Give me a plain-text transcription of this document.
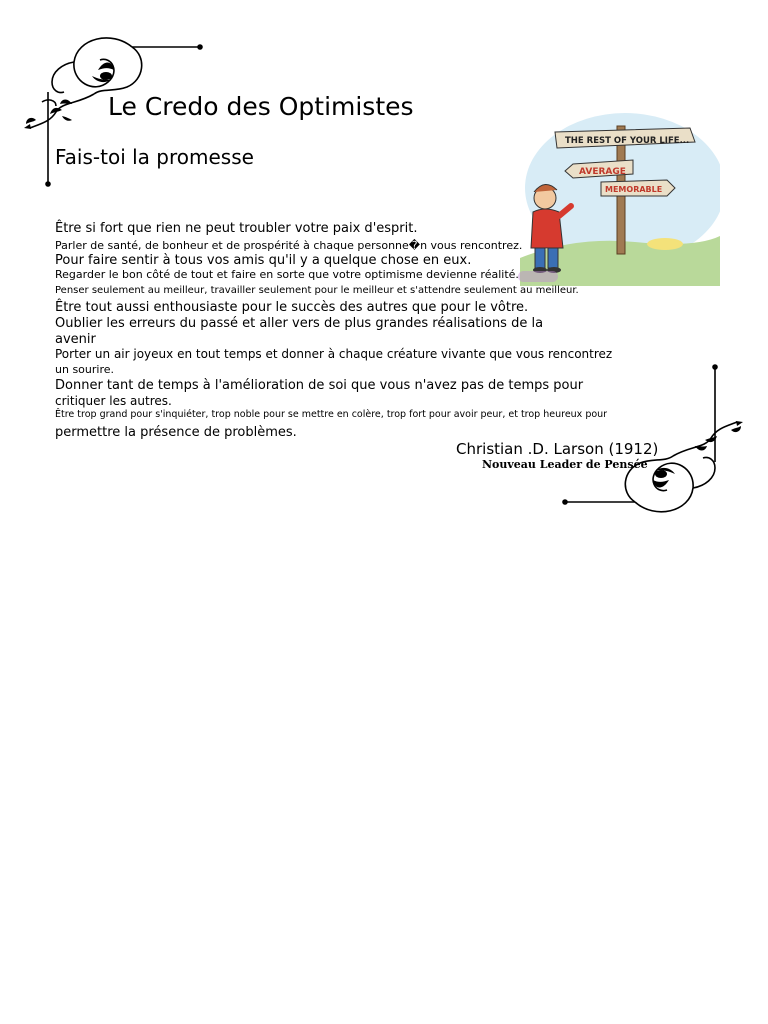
THE REST OF YOUR LIFE...
AVERAGE
MEMORABLE
Le Credo des Optimistes
Fais-toi la promesse
Être si fort que rien ne peut troubler votre paix d'esprit.
Parler de santé, de bonheur et de prospérité à chaque personne�n vous rencontrez.
Pour faire sentir à tous vos amis qu'il y a quelque chose en eux.
Regarder le bon côté de tout et faire en sorte que votre optimisme devienne réalité.
Penser seulement au meilleur, travailler seulement pour le meilleur et s'attendre seulement au meilleur.
Être tout aussi enthousiaste pour le succès des autres que pour le vôtre.
Oublier les erreurs du passé et aller vers de plus grandes réalisations de la
avenir
Porter un air joyeux en tout temps et donner à chaque créature vivante que vous rencontrez
un sourire.
Donner tant de temps à l'amélioration de soi que vous n'avez pas de temps pour
critiquer les autres.
Être trop grand pour s'inquiéter, trop noble pour se mettre en colère, trop fort pour avoir peur, et trop heureux pour
permettre la présence de problèmes.
Christian .D. Larson (1912)
Nouveau Leader de Pensée
